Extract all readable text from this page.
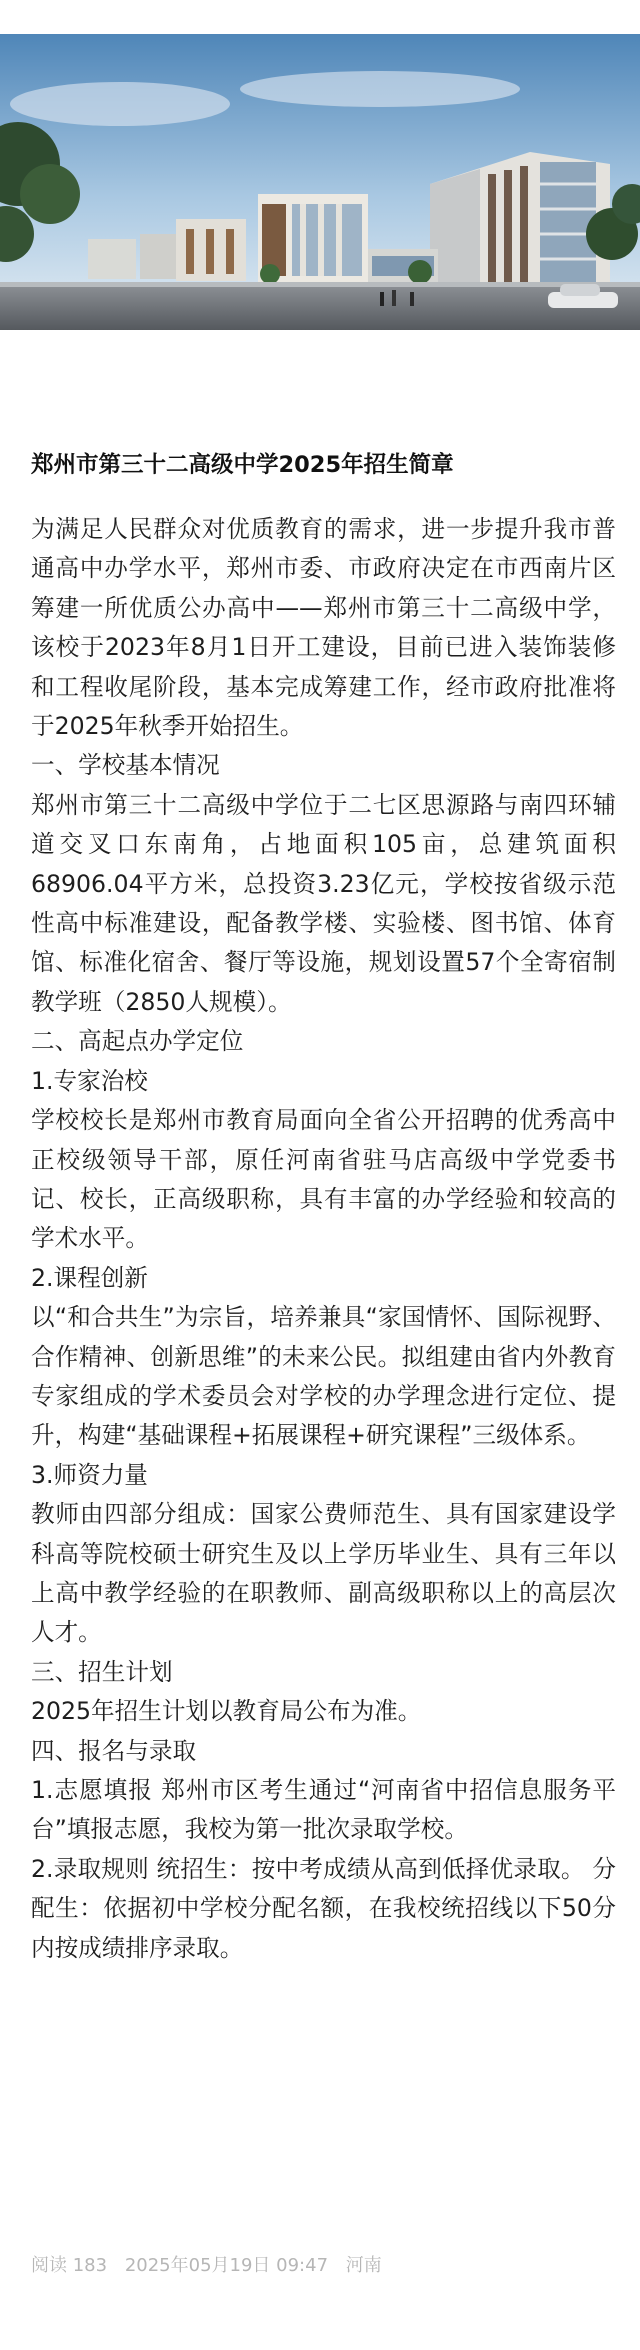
郑州市第三十二高级中学2025年招生简章
为满足人民群众对优质教育的需求，进一步提升我市普通高中办学水平，郑州市委、市政府决定在市西南片区筹建一所优质公办高中——郑州市第三十二高级中学，该校于2023年8月1日开工建设，目前已进入装饰装修和工程收尾阶段，基本完成筹建工作，经市政府批准将于2025年秋季开始招生。
一、学校基本情况
郑州市第三十二高级中学位于二七区思源路与南四环辅道交叉口东南角，占地面积105亩，总建筑面积68906.04平方米，总投资3.23亿元，学校按省级示范性高中标准建设，配备教学楼、实验楼、图书馆、体育馆、标准化宿舍、餐厅等设施，规划设置57个全寄宿制教学班（2850人规模）。
二、高起点办学定位
1.专家治校
学校校长是郑州市教育局面向全省公开招聘的优秀高中正校级领导干部，原任河南省驻马店高级中学党委书记、校长，正高级职称，具有丰富的办学经验和较高的学术水平。
2.课程创新
以“和合共生”为宗旨，培养兼具“家国情怀、国际视野、合作精神、创新思维”的未来公民。拟组建由省内外教育专家组成的学术委员会对学校的办学理念进行定位、提升，构建“基础课程+拓展课程+研究课程”三级体系。
3.师资力量
教师由四部分组成：国家公费师范生、具有国家建设学科高等院校硕士研究生及以上学历毕业生、具有三年以上高中教学经验的在职教师、副高级职称以上的高层次人才。
三、招生计划
2025年招生计划以教育局公布为准。
四、报名与录取
1.志愿填报 郑州市区考生通过“河南省中招信息服务平台”填报志愿，我校为第一批次录取学校。
2.录取规则 统招生：按中考成绩从高到低择优录取。 分配生：依据初中学校分配名额，在我校统招线以下50分内按成绩排序录取。
阅读 183 2025年05月19日 09:47 河南
